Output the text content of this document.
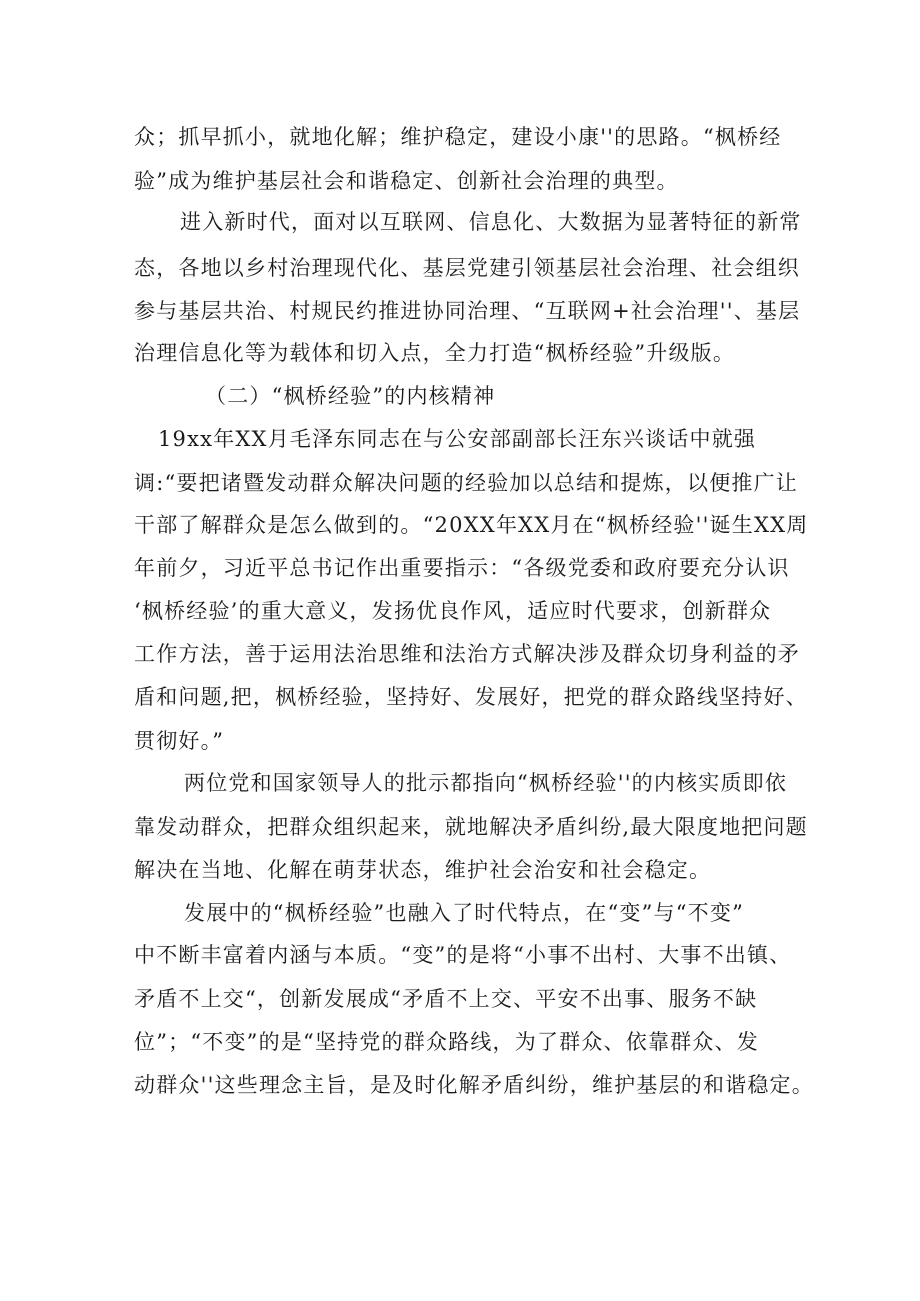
众；抓早抓小，就地化解；维护稳定，建设小康''的思路。“枫桥经
验”成为维护基层社会和谐稳定、创新社会治理的典型。
进入新时代，面对以互联网、信息化、大数据为显著特征的新常
态，各地以乡村治理现代化、基层党建引领基层社会治理、社会组织
参与基层共治、村规民约推进协同治理、“互联网+社会治理''、基层
治理信息化等为载体和切入点，全力打造“枫桥经验”升级版。
（二）“枫桥经验”的内核精神
19xx年XX月毛泽东同志在与公安部副部长汪东兴谈话中就强
调:“要把诸暨发动群众解决问题的经验加以总结和提炼，以便推广让
干部了解群众是怎么做到的。“20XX年XX月在“枫桥经验''诞生XX周
年前夕，习近平总书记作出重要指示：“各级党委和政府要充分认识
‘枫桥经验’的重大意义，发扬优良作风，适应时代要求，创新群众
工作方法，善于运用法治思维和法治方式解决涉及群众切身利益的矛
盾和问题,把，枫桥经验，坚持好、发展好，把党的群众路线坚持好、
贯彻好。”
两位党和国家领导人的批示都指向“枫桥经验''的内核实质即依
靠发动群众，把群众组织起来，就地解决矛盾纠纷,最大限度地把问题
解决在当地、化解在萌芽状态，维护社会治安和社会稳定。
发展中的“枫桥经验”也融入了时代特点，在“变”与“不变”
中不断丰富着内涵与本质。“变”的是将“小事不出村、大事不出镇、
矛盾不上交“，创新发展成“矛盾不上交、平安不出事、服务不缺
位”；“不变”的是“坚持党的群众路线，为了群众、依靠群众、发
动群众''这些理念主旨，是及时化解矛盾纠纷，维护基层的和谐稳定。
